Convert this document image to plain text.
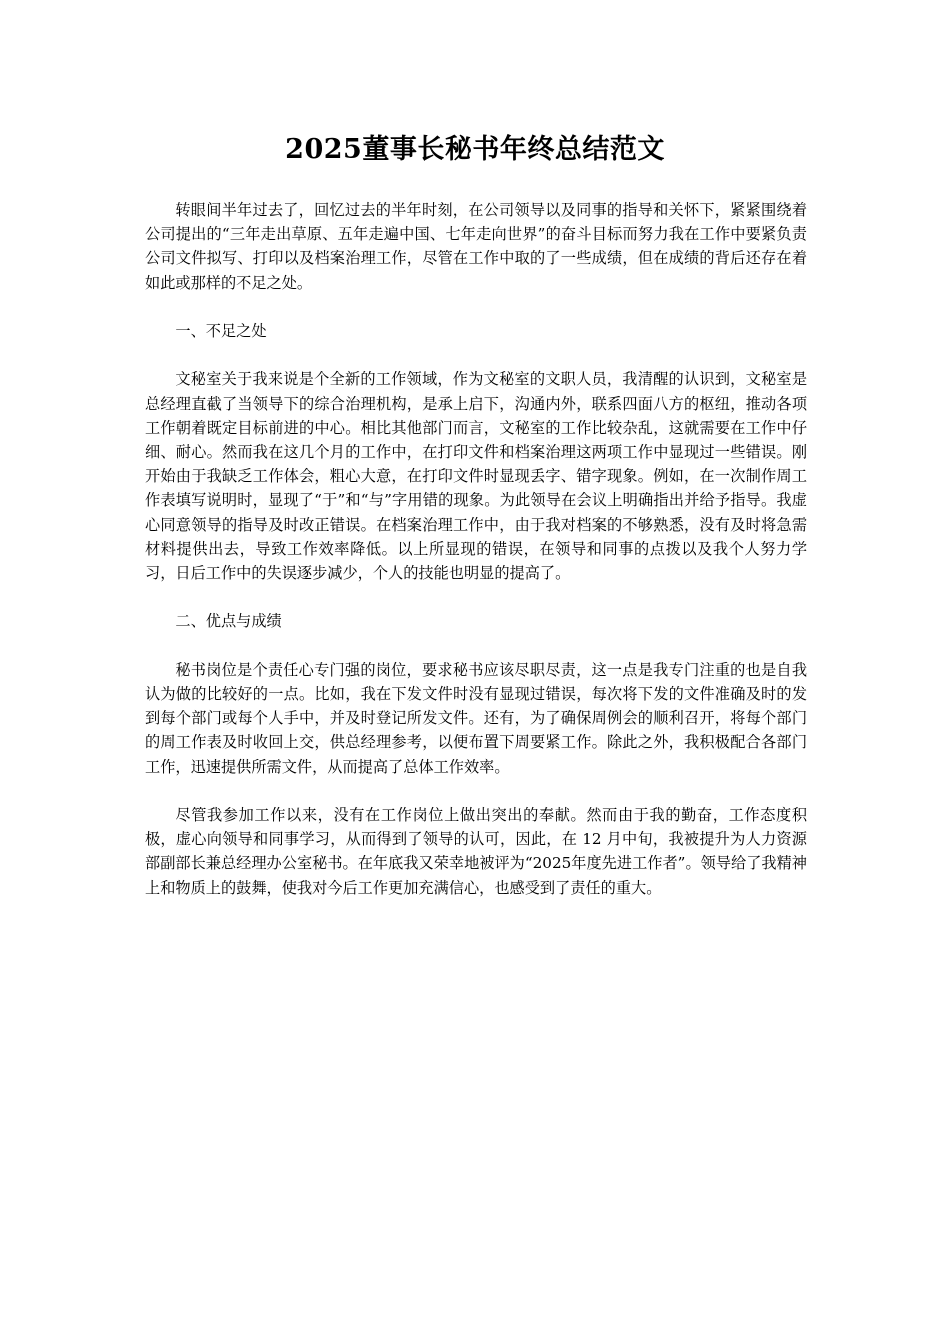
2025董事长秘书年终总结范文

转眼间半年过去了，回忆过去的半年时刻，在公司领导以及同事的指导和关怀下，紧紧围绕着公司提出的“三年走出草原、五年走遍中国、七年走向世界”的奋斗目标而努力我在工作中要紧负责公司文件拟写、打印以及档案治理工作，尽管在工作中取的了一些成绩，但在成绩的背后还存在着如此或那样的不足之处。

一、不足之处

文秘室关于我来说是个全新的工作领域，作为文秘室的文职人员，我清醒的认识到，文秘室是总经理直截了当领导下的综合治理机构，是承上启下，沟通内外，联系四面八方的枢纽，推动各项工作朝着既定目标前进的中心。相比其他部门而言，文秘室的工作比较杂乱，这就需要在工作中仔细、耐心。然而我在这几个月的工作中，在打印文件和档案治理这两项工作中显现过一些错误。刚开始由于我缺乏工作体会，粗心大意，在打印文件时显现丢字、错字现象。例如，在一次制作周工作表填写说明时，显现了“于”和“与”字用错的现象。为此领导在会议上明确指出并给予指导。我虚心同意领导的指导及时改正错误。在档案治理工作中，由于我对档案的不够熟悉，没有及时将急需材料提供出去，导致工作效率降低。以上所显现的错误，在领导和同事的点拨以及我个人努力学习，日后工作中的失误逐步减少，个人的技能也明显的提高了。

二、优点与成绩

秘书岗位是个责任心专门强的岗位，要求秘书应该尽职尽责，这一点是我专门注重的也是自我认为做的比较好的一点。比如，我在下发文件时没有显现过错误，每次将下发的文件准确及时的发到每个部门或每个人手中，并及时登记所发文件。还有，为了确保周例会的顺利召开，将每个部门的周工作表及时收回上交，供总经理参考，以便布置下周要紧工作。除此之外，我积极配合各部门工作，迅速提供所需文件，从而提高了总体工作效率。

尽管我参加工作以来，没有在工作岗位上做出突出的奉献。然而由于我的勤奋，工作态度积极，虚心向领导和同事学习，从而得到了领导的认可，因此，在 12 月中旬，我被提升为人力资源部副部长兼总经理办公室秘书。在年底我又荣幸地被评为“2025年度先进工作者”。领导给了我精神上和物质上的鼓舞，使我对今后工作更加充满信心，也感受到了责任的重大。
